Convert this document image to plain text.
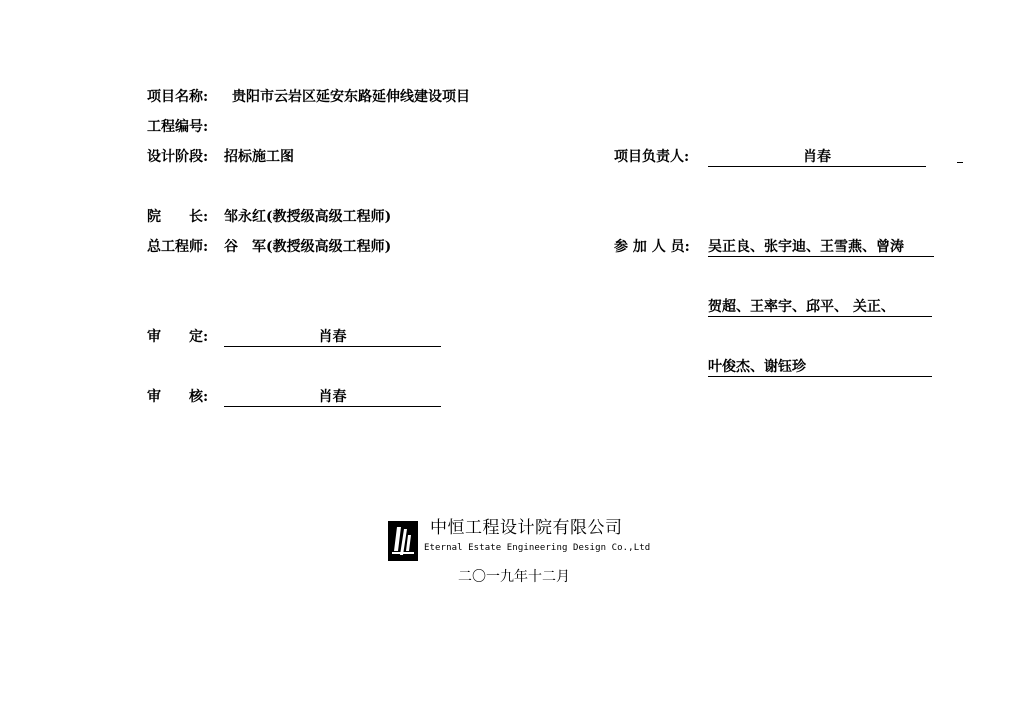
项目名称: 贵阳市云岩区延安东路延伸线建设项目
工程编号:
设计阶段: 招标施工图	项目负责人:	肖春
院　　长: 邹永红(教授级高级工程师)
总工程师: 谷　军(教授级高级工程师)	参 加 人 员: 吴正良、张宇迪、王雪燕、曾涛
贺超、王率宇、邱平、 关正、
叶俊杰、谢钰珍
审　　定:	肖春
审　　核:	肖春
中恒工程设计院有限公司
Eternal Estate Engineering Design Co.,Ltd
二〇一九年十二月
